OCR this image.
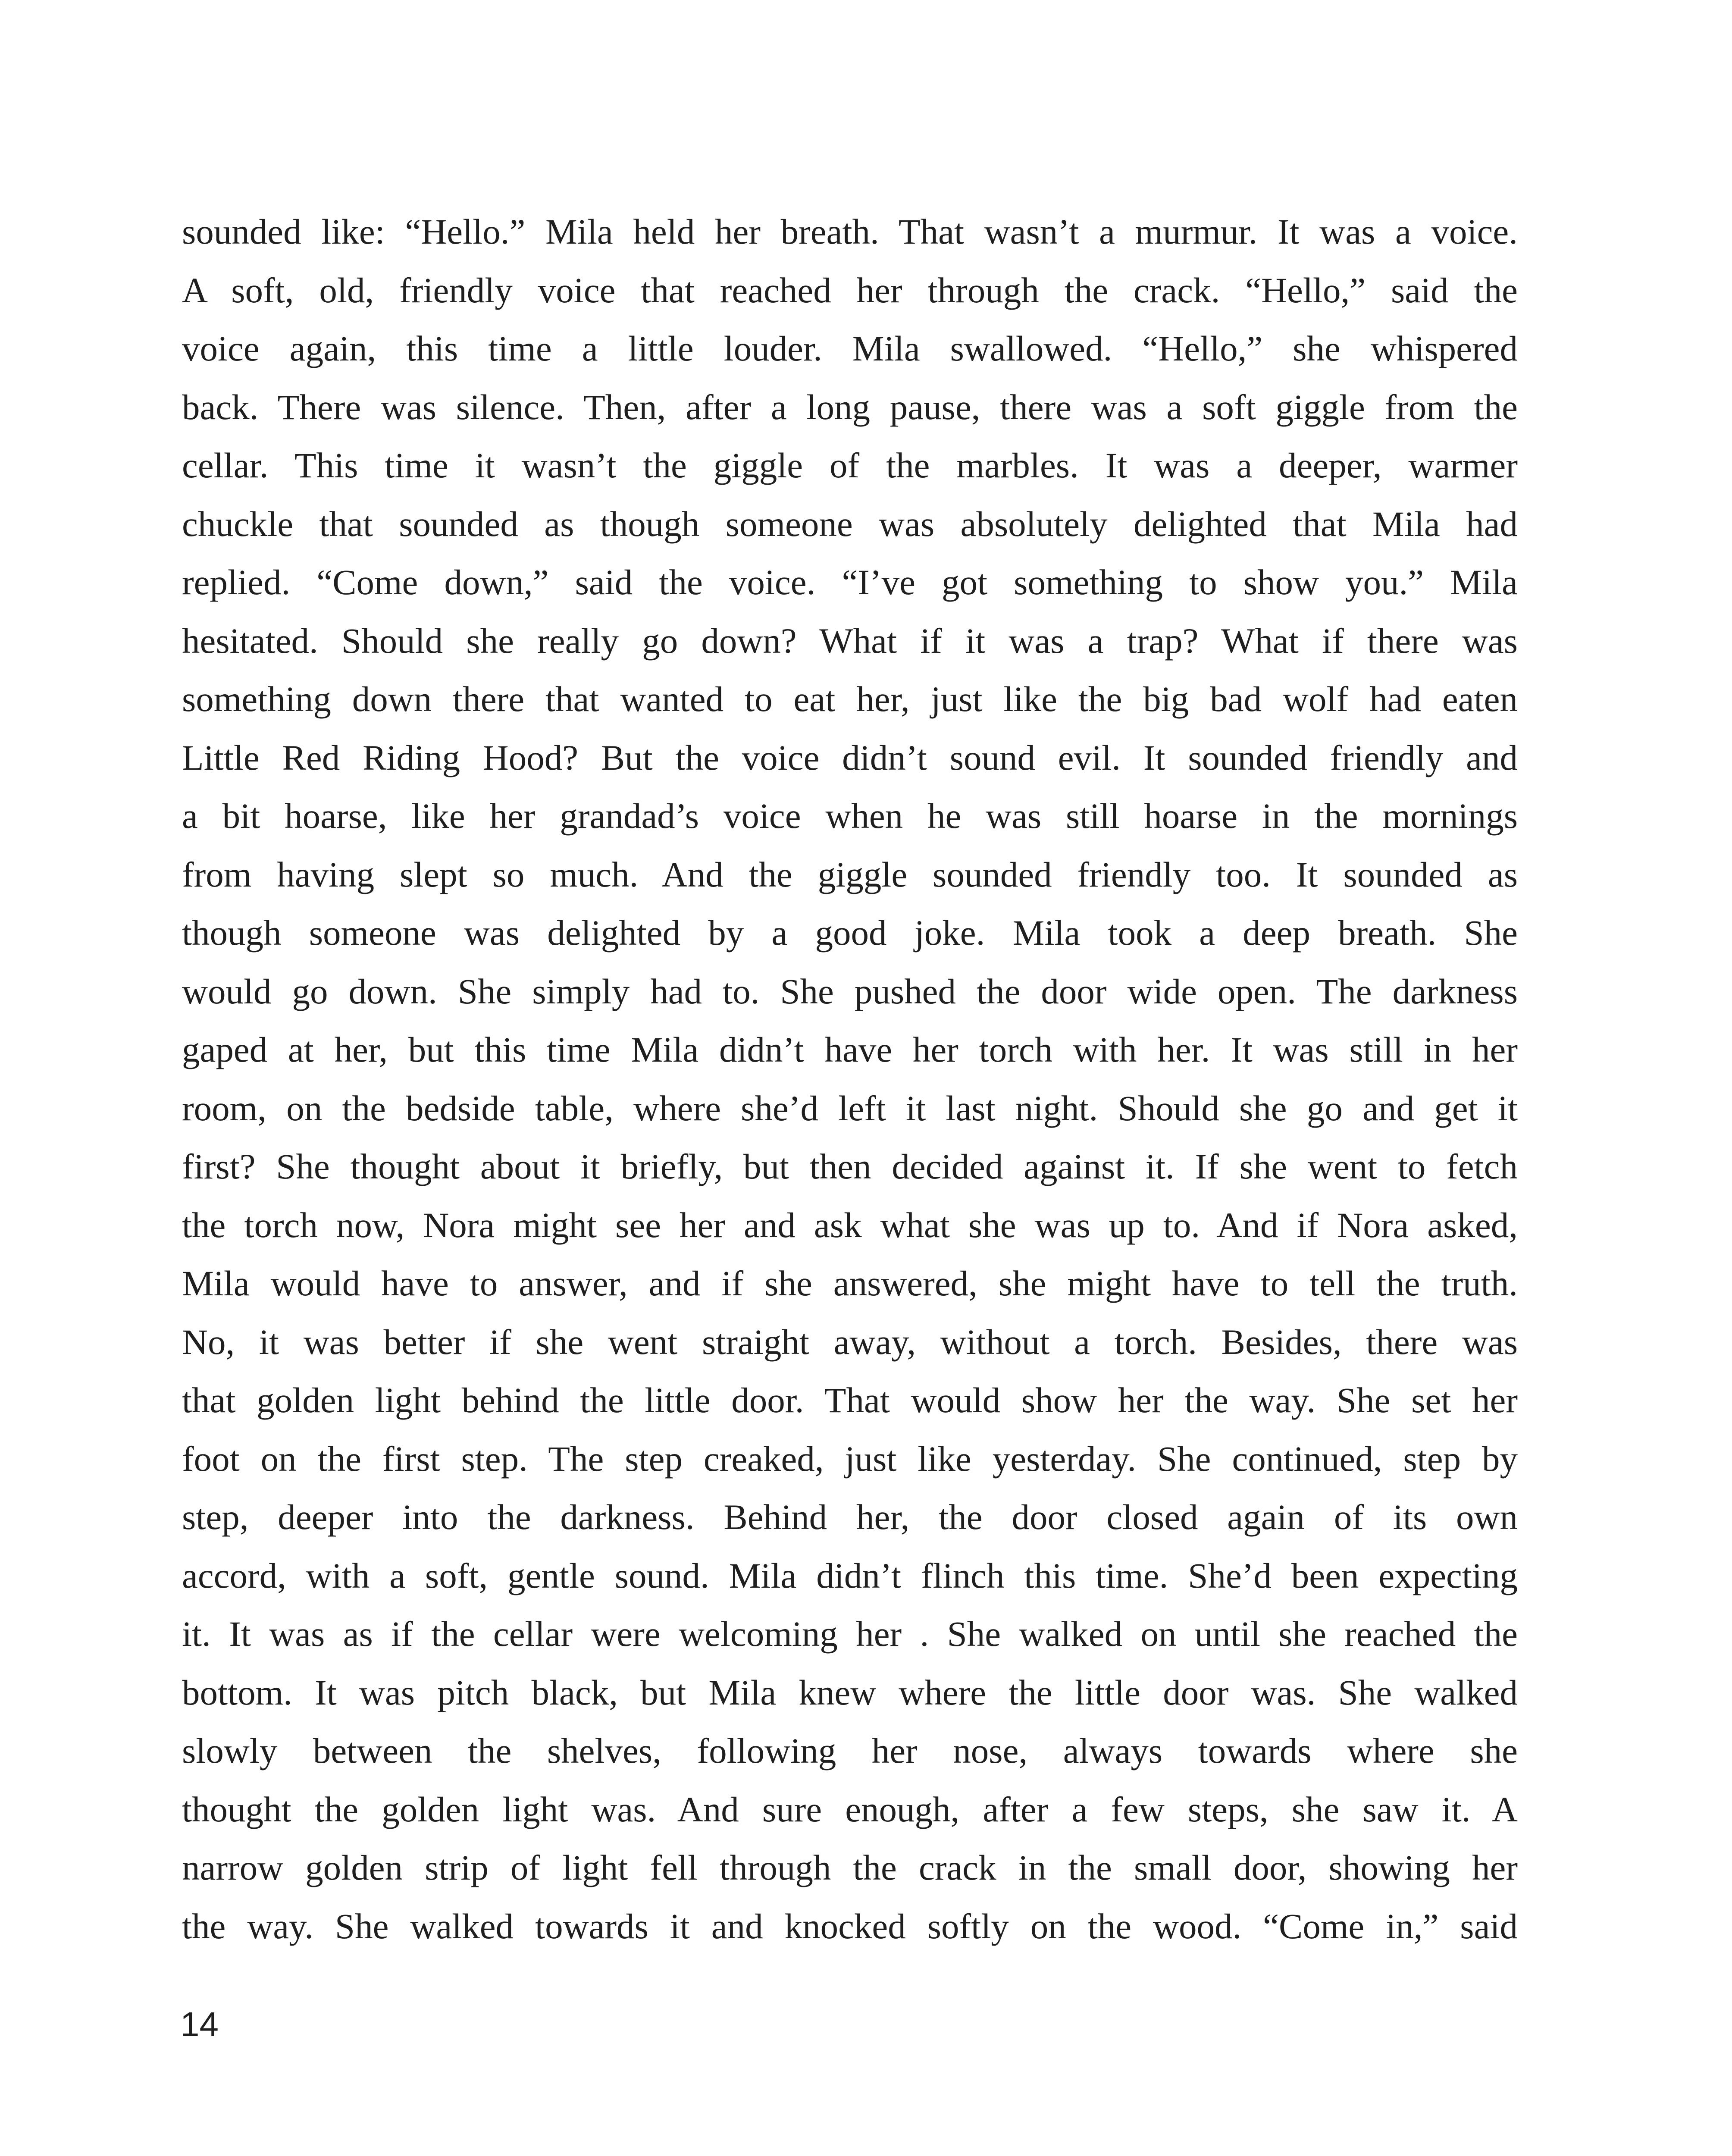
sounded like: “Hello.” Mila held her breath. That wasn’t a murmur. It was a voice.
A soft, old, friendly voice that reached her through the crack. “Hello,” said the
voice again, this time a little louder. Mila swallowed. “Hello,” she whispered
back. There was silence. Then, after a long pause, there was a soft giggle from the
cellar. This time it wasn’t the giggle of the marbles. It was a deeper, warmer
chuckle that sounded as though someone was absolutely delighted that Mila had
replied. “Come down,” said the voice. “I’ve got something to show you.” Mila
hesitated. Should she really go down? What if it was a trap? What if there was
something down there that wanted to eat her, just like the big bad wolf had eaten
Little Red Riding Hood? But the voice didn’t sound evil. It sounded friendly and
a bit hoarse, like her grandad’s voice when he was still hoarse in the mornings
from having slept so much. And the giggle sounded friendly too. It sounded as
though someone was delighted by a good joke. Mila took a deep breath. She
would go down. She simply had to. She pushed the door wide open. The darkness
gaped at her, but this time Mila didn’t have her torch with her. It was still in her
room, on the bedside table, where she’d left it last night. Should she go and get it
first? She thought about it briefly, but then decided against it. If she went to fetch
the torch now, Nora might see her and ask what she was up to. And if Nora asked,
Mila would have to answer, and if she answered, she might have to tell the truth.
No, it was better if she went straight away, without a torch. Besides, there was
that golden light behind the little door. That would show her the way. She set her
foot on the first step. The step creaked, just like yesterday. She continued, step by
step, deeper into the darkness. Behind her, the door closed again of its own
accord, with a soft, gentle sound. Mila didn’t flinch this time. She’d been expecting
it. It was as if the cellar were welcoming her . She walked on until she reached the
bottom. It was pitch black, but Mila knew where the little door was. She walked
slowly between the shelves, following her nose, always towards where she
thought the golden light was. And sure enough, after a few steps, she saw it. A
narrow golden strip of light fell through the crack in the small door, showing her
the way. She walked towards it and knocked softly on the wood. “Come in,” said
14
